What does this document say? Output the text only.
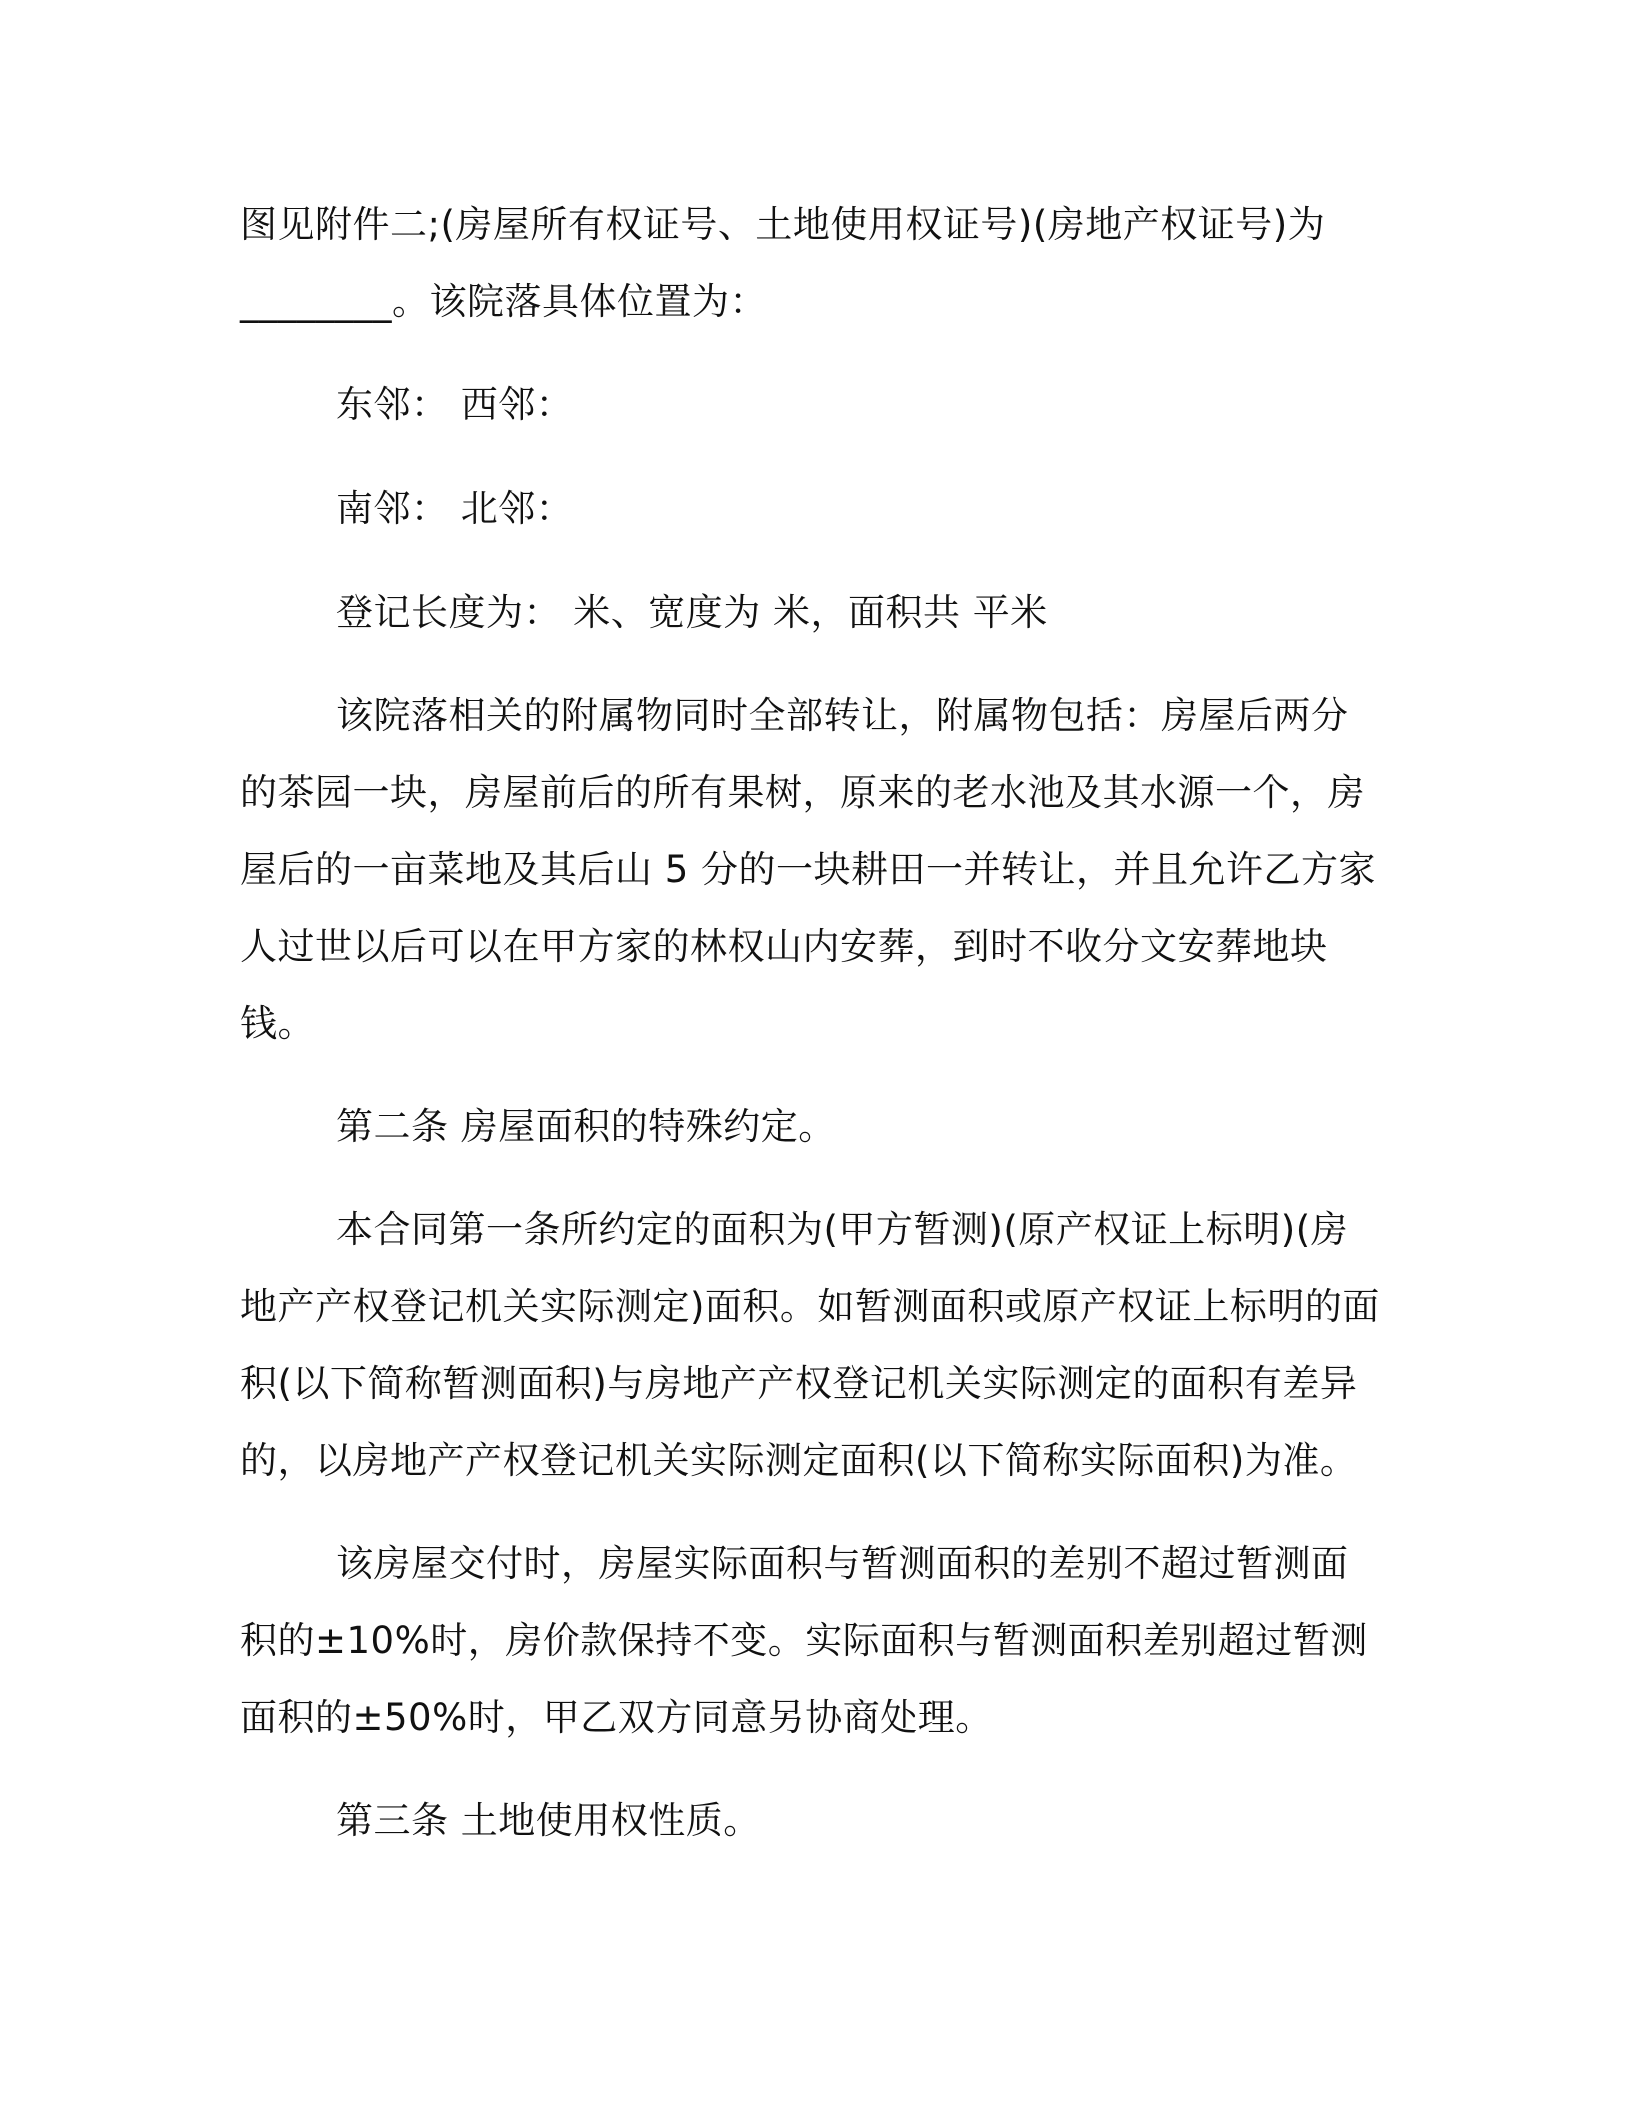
图见附件二;(房屋所有权证号、土地使用权证号)(房地产权证号)为 ________。该院落具体位置为：

东邻： 西邻：

南邻： 北邻：

登记长度为： 米、宽度为 米，面积共 平米

该院落相关的附属物同时全部转让，附属物包括：房屋后两分的茶园一块，房屋前后的所有果树，原来的老水池及其水源一个，房屋后的一亩菜地及其后山 5 分的一块耕田一并转让，并且允许乙方家人过世以后可以在甲方家的林权山内安葬，到时不收分文安葬地块钱。

第二条 房屋面积的特殊约定。

本合同第一条所约定的面积为(甲方暂测)(原产权证上标明)(房地产产权登记机关实际测定)面积。如暂测面积或原产权证上标明的面积(以下简称暂测面积)与房地产产权登记机关实际测定的面积有差异的，以房地产产权登记机关实际测定面积(以下简称实际面积)为准。

该房屋交付时，房屋实际面积与暂测面积的差别不超过暂测面积的±10%时，房价款保持不变。实际面积与暂测面积差别超过暂测面积的±50%时，甲乙双方同意另协商处理。

第三条 土地使用权性质。
